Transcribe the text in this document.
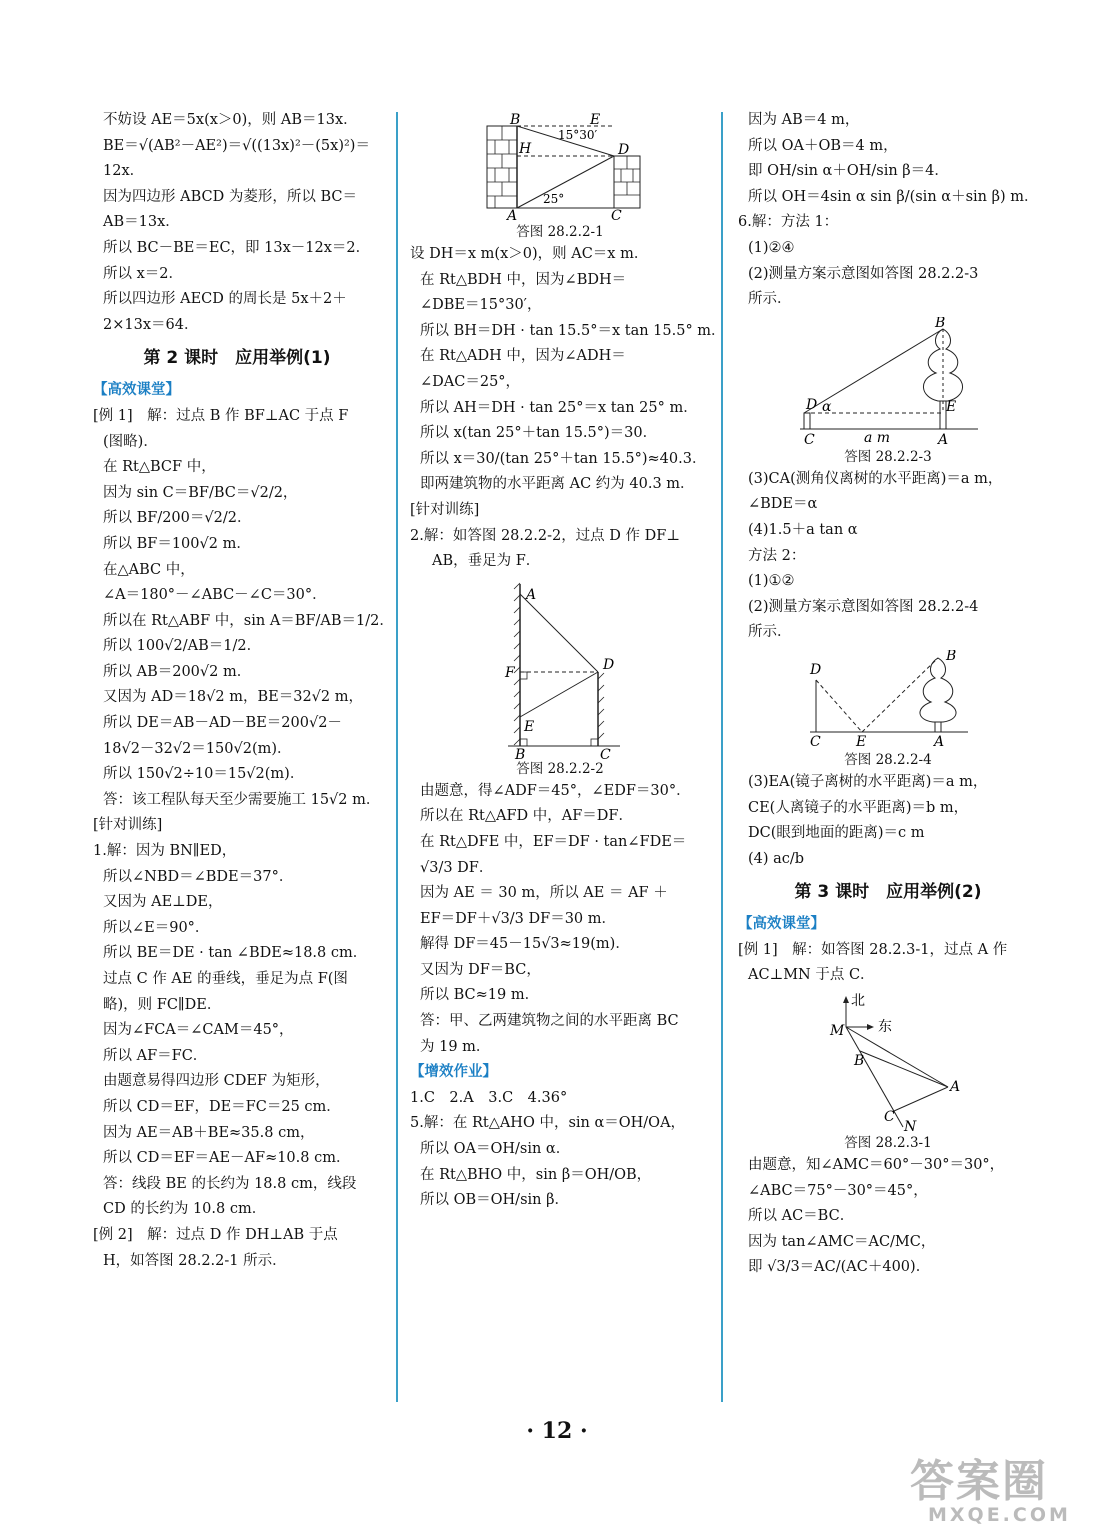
不妨设 AE＝5x(x＞0)，则 AB＝13x．
BE＝√(AB²－AE²)＝√((13x)²－(5x)²)＝
12x．
因为四边形 ABCD 为菱形，所以 BC＝
AB＝13x．
所以 BC－BE＝EC，即 13x－12x＝2．
所以 x＝2．
所以四边形 AECD 的周长是 5x＋2＋
2×13x＝64．
第 2 课时　应用举例(1)
【高效课堂】
[例 1]　解：过点 B 作 BF⊥AC 于点 F
(图略)．
在 Rt△BCF 中，
因为 sin C＝BF/BC＝√2/2，
所以 BF/200＝√2/2．
所以 BF＝100√2 m．
在△ABC 中，
∠A＝180°－∠ABC－∠C＝30°．
所以在 Rt△ABF 中，sin A＝BF/AB＝1/2．
所以 100√2/AB＝1/2．
所以 AB＝200√2 m．
又因为 AD＝18√2 m，BE＝32√2 m，
所以 DE＝AB－AD－BE＝200√2－
18√2－32√2＝150√2(m)．
所以 150√2÷10＝15√2(m)．
答：该工程队每天至少需要施工 15√2 m．
[针对训练]
1.解：因为 BN∥ED，
所以∠NBD＝∠BDE＝37°．
又因为 AE⊥DE，
所以∠E＝90°．
所以 BE＝DE · tan ∠BDE≈18.8 cm．
过点 C 作 AE 的垂线，垂足为点 F(图
略)，则 FC∥DE．
因为∠FCA＝∠CAM＝45°，
所以 AF＝FC．
由题意易得四边形 CDEF 为矩形，
所以 CD＝EF，DE＝FC＝25 cm．
因为 AE＝AB＋BE≈35.8 cm，
所以 CD＝EF＝AE－AF≈10.8 cm．
答：线段 BE 的长约为 18.8 cm，线段
CD 的长约为 10.8 cm．
[例 2]　解：过点 D 作 DH⊥AB 于点
H，如答图 28.2.2-1 所示．
B	E
15°30′
H	D
25°
A	C
答图 28.2.2-1
设 DH＝x m(x＞0)，则 AC＝x m．
在 Rt△BDH 中，因为∠BDH＝
∠DBE＝15°30′，
所以 BH＝DH · tan 15.5°＝x tan 15.5° m．
在 Rt△ADH 中，因为∠ADH＝
∠DAC＝25°，
所以 AH＝DH · tan 25°＝x tan 25° m．
所以 x(tan 25°＋tan 15.5°)＝30．
所以 x＝30/(tan 25°＋tan 15.5°)≈40.3．
即两建筑物的水平距离 AC 约为 40.3 m．
[针对训练]
2.解：如答图 28.2.2-2，过点 D 作 DF⊥
AB，垂足为 F．
A
F	D
E
B	C
答图 28.2.2-2
由题意，得∠ADF＝45°，∠EDF＝30°．
所以在 Rt△AFD 中，AF＝DF．
在 Rt△DFE 中，EF＝DF · tan∠FDE＝
√3/3 DF．
因为 AE ＝ 30 m，所以 AE ＝ AF ＋
EF＝DF＋√3/3 DF＝30 m．
解得 DF＝45－15√3≈19(m)．
又因为 DF＝BC，
所以 BC≈19 m．
答：甲、乙两建筑物之间的水平距离 BC
为 19 m．
【增效作业】
1.C　2.A　3.C　4.36°
5.解：在 Rt△AHO 中，sin α＝OH/OA，
所以 OA＝OH/sin α．
在 Rt△BHO 中，sin β＝OH/OB，
所以 OB＝OH/sin β．
因为 AB＝4 m，
所以 OA＋OB＝4 m，
即 OH/sin α＋OH/sin β＝4．
所以 OH＝4sin α sin β/(sin α＋sin β) m．
6.解：方法 1：
(1)②④
(2)测量方案示意图如答图 28.2.2-3
所示．
B
D α	E
C	a m	A
答图 28.2.2-3
(3)CA(测角仪离树的水平距离)＝a m，
∠BDE＝α
(4)1.5＋a tan α
方法 2：
(1)①②
(2)测量方案示意图如答图 28.2.2-4
所示．
D
B
C	E	A
答图 28.2.2-4
(3)EA(镜子离树的水平距离)＝a m，
CE(人离镜子的水平距离)＝b m，
DC(眼到地面的距离)＝c m
(4) ac/b
第 3 课时　应用举例(2)
【高效课堂】
[例 1]　解：如答图 28.2.3-1，过点 A 作
AC⊥MN 于点 C．
北
东
M
B
A
C
N
答图 28.2.3-1
由题意，知∠AMC＝60°－30°＝30°，
∠ABC＝75°－30°＝45°，
所以 AC＝BC．
因为 tan∠AMC＝AC/MC，
即 √3/3＝AC/(AC＋400)．
· 12 ·
答案圈
MXQE.COM
